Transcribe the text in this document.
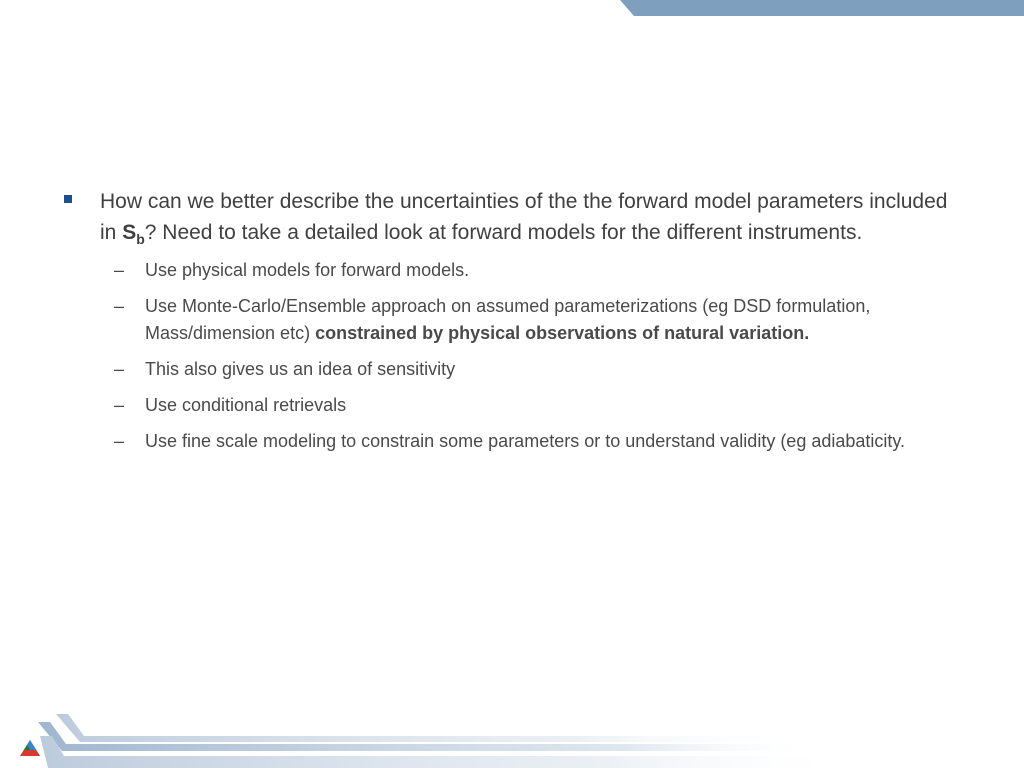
How can we better describe the uncertainties of the the forward model parameters included in $S_b$? Need to take a detailed look at forward models for the different instruments.
– Use physical models for forward models.
– Use Monte-Carlo/Ensemble approach on assumed parameterizations (eg DSD formulation, Mass/dimension etc) constrained by physical observations of natural variation.
– This also gives us an idea of sensitivity
– Use conditional retrievals
– Use fine scale modeling to constrain some parameters or to understand validity (eg adiabaticity.
